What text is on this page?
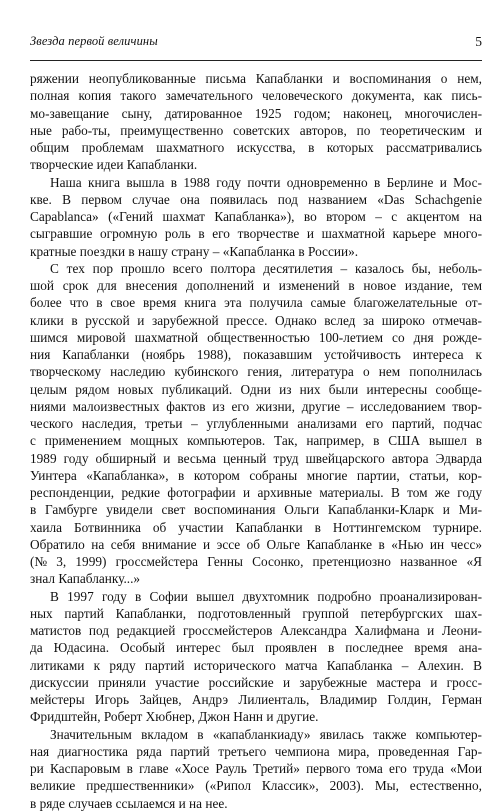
Звезда первой величины	5
ряжении неопубликованные письма Капабланки и воспоминания о нем,
полная копия такого замечательного человеческого документа, как пись-
мо-завещание сыну, датированное 1925 годом; наконец, многочислен-
ные рабо-ты, преимущественно советских авторов, по теоретическим и
общим проблемам шахматного искусства, в которых рассматривались
творческие идеи Капабланки.
Наша книга вышла в 1988 году почти одновременно в Берлине и Мос-
кве. В первом случае она появилась под названием «Das Schachgenie
Capablanca» («Гений шахмат Капабланка»), во втором – с акцентом на
сыгравшие огромную роль в его творчестве и шахматной карьере много-
кратные поездки в нашу страну – «Капабланка в России».
С тех пор прошло всего полтора десятилетия – казалось бы, неболь-
шой срок для внесения дополнений и изменений в новое издание, тем
более что в свое время книга эта получила самые благожелательные от-
клики в русской и зарубежной прессе. Однако вслед за широко отмечав-
шимся мировой шахматной общественностью 100-летием со дня рожде-
ния Капабланки (ноябрь 1988), показавшим устойчивость интереса к
творческому наследию кубинского гения, литература о нем пополнилась
целым рядом новых публикаций. Одни из них были интересны сообще-
ниями малоизвестных фактов из его жизни, другие – исследованием твор-
ческого наследия, третьи – углубленными анализами его партий, подчас
с применением мощных компьютеров. Так, например, в США вышел в
1989 году обширный и весьма ценный труд швейцарского автора Эдварда
Уинтера «Капабланка», в котором собраны многие партии, статьи, кор-
респонденции, редкие фотографии и архивные материалы. В том же году
в Гамбурге увидели свет воспоминания Ольги Капабланки-Кларк и Ми-
хаила Ботвинника об участии Капабланки в Ноттингемском турнире.
Обратило на себя внимание и эссе об Ольге Капабланке в «Нью ин чесс»
(№ 3, 1999) гроссмейстера Генны Сосонко, претенциозно названное «Я
знал Капабланку...»
В 1997 году в Софии вышел двухтомник подробно проанализирован-
ных партий Капабланки, подготовленный группой петербургских шах-
матистов под редакцией гроссмейстеров Александра Халифмана и Леони-
да Юдасина. Особый интерес был проявлен в последнее время ана-
литиками к ряду партий исторического матча Капабланка – Алехин. В
дискуссии приняли участие российские и зарубежные мастера и гросс-
мейстеры Игорь Зайцев, Андрэ Лилиенталь, Владимир Голдин, Герман
Фридштейн, Роберт Хюбнер, Джон Нанн и другие.
Значительным вкладом в «капабланкиаду» явилась также компьютер-
ная диагностика ряда партий третьего чемпиона мира, проведенная Гар-
ри Каспаровым в главе «Хосе Рауль Третий» первого тома его труда «Мои
великие предшественники» («Рипол Классик», 2003). Мы, естественно,
в ряде случаев ссылаемся и на нее.
